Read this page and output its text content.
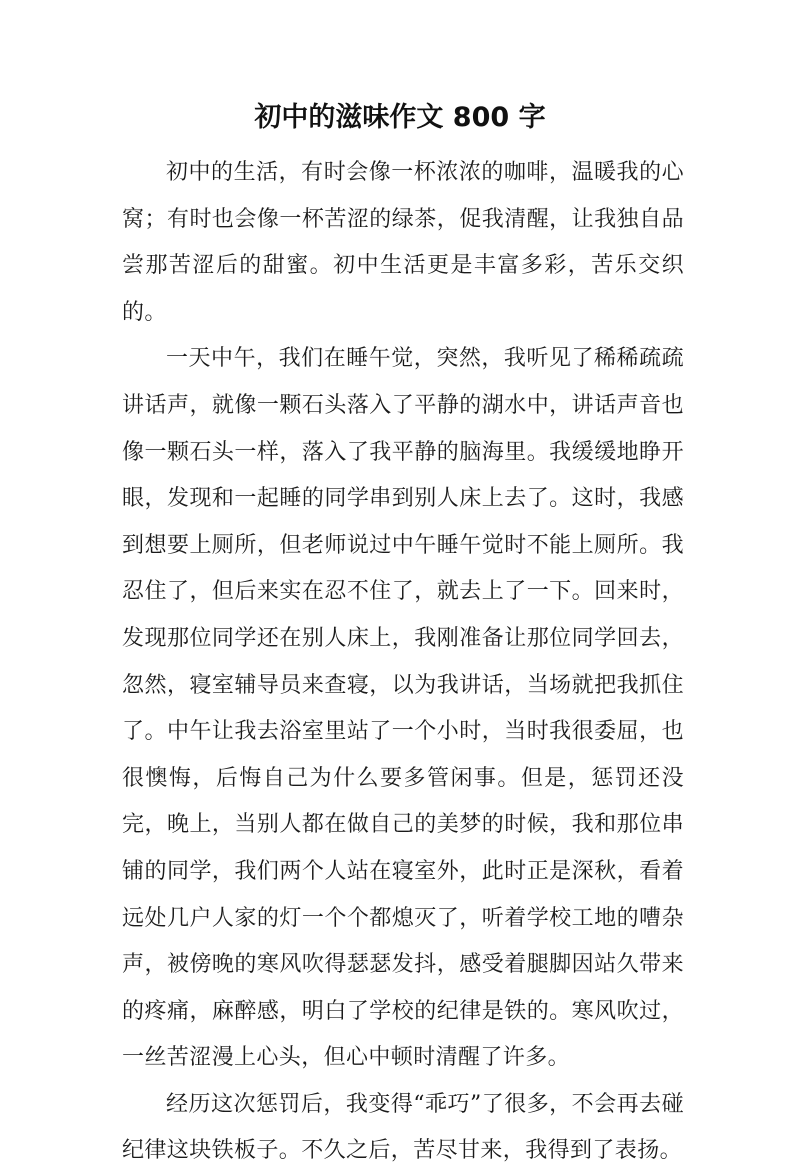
初中的滋味作文 800 字

初中的生活，有时会像一杯浓浓的咖啡，温暖我的心窝；有时也会像一杯苦涩的绿茶，促我清醒，让我独自品尝那苦涩后的甜蜜。初中生活更是丰富多彩，苦乐交织的。

一天中午，我们在睡午觉，突然，我听见了稀稀疏疏讲话声，就像一颗石头落入了平静的湖水中，讲话声音也像一颗石头一样，落入了我平静的脑海里。我缓缓地睁开眼，发现和一起睡的同学串到别人床上去了。这时，我感到想要上厕所，但老师说过中午睡午觉时不能上厕所。我忍住了，但后来实在忍不住了，就去上了一下。回来时，发现那位同学还在别人床上，我刚准备让那位同学回去，忽然，寝室辅导员来查寝，以为我讲话，当场就把我抓住了。中午让我去浴室里站了一个小时，当时我很委屈，也很懊悔，后悔自己为什么要多管闲事。但是，惩罚还没完，晚上，当别人都在做自己的美梦的时候，我和那位串铺的同学，我们两个人站在寝室外，此时正是深秋，看着远处几户人家的灯一个个都熄灭了，听着学校工地的嘈杂声，被傍晚的寒风吹得瑟瑟发抖，感受着腿脚因站久带来的疼痛，麻醉感，明白了学校的纪律是铁的。寒风吹过，一丝苦涩漫上心头，但心中顿时清醒了许多。

经历这次惩罚后，我变得“乖巧”了很多，不会再去碰纪律这块铁板子。不久之后，苦尽甘来，我得到了表扬。
